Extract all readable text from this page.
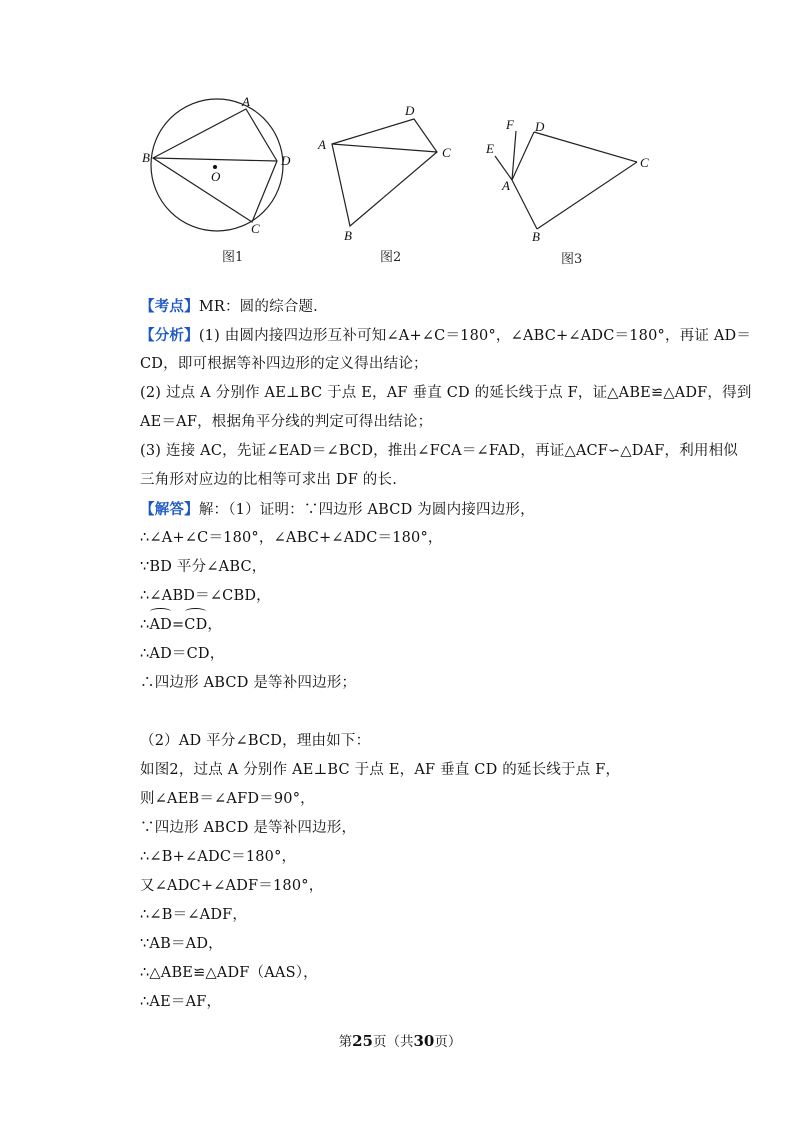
A
B
C
D
O
图1
A
B
C
D
图2
A
B
C
D
E
F
图3
【考点】MR：圆的综合题.
【分析】(1) 由圆内接四边形互补可知∠A+∠C＝180°，∠ABC+∠ADC＝180°，再证 AD＝
CD，即可根据等补四边形的定义得出结论；
(2) 过点 A 分别作 AE⊥BC 于点 E，AF 垂直 CD 的延长线于点 F，证△ABE≌△ADF，得到
AE＝AF，根据角平分线的判定可得出结论；
(3) 连接 AC，先证∠EAD＝∠BCD，推出∠FCA＝∠FAD，再证△ACF∽△DAF，利用相似
三角形对应边的比相等可求出 DF 的长.
【解答】解：（1）证明：∵四边形 ABCD 为圆内接四边形，
∴∠A+∠C＝180°，∠ABC+∠ADC＝180°，
∵BD 平分∠ABC，
∴∠ABD＝∠CBD，
∴AD=CD，
∴AD＝CD，
∴四边形 ABCD 是等补四边形；
（2）AD 平分∠BCD，理由如下：
如图2，过点 A 分别作 AE⊥BC 于点 E，AF 垂直 CD 的延长线于点 F，
则∠AEB＝∠AFD＝90°，
∵四边形 ABCD 是等补四边形，
∴∠B+∠ADC＝180°，
又∠ADC+∠ADF＝180°，
∴∠B＝∠ADF，
∵AB＝AD，
∴△ABE≌△ADF（AAS），
∴AE＝AF，
第25页（共30页）
